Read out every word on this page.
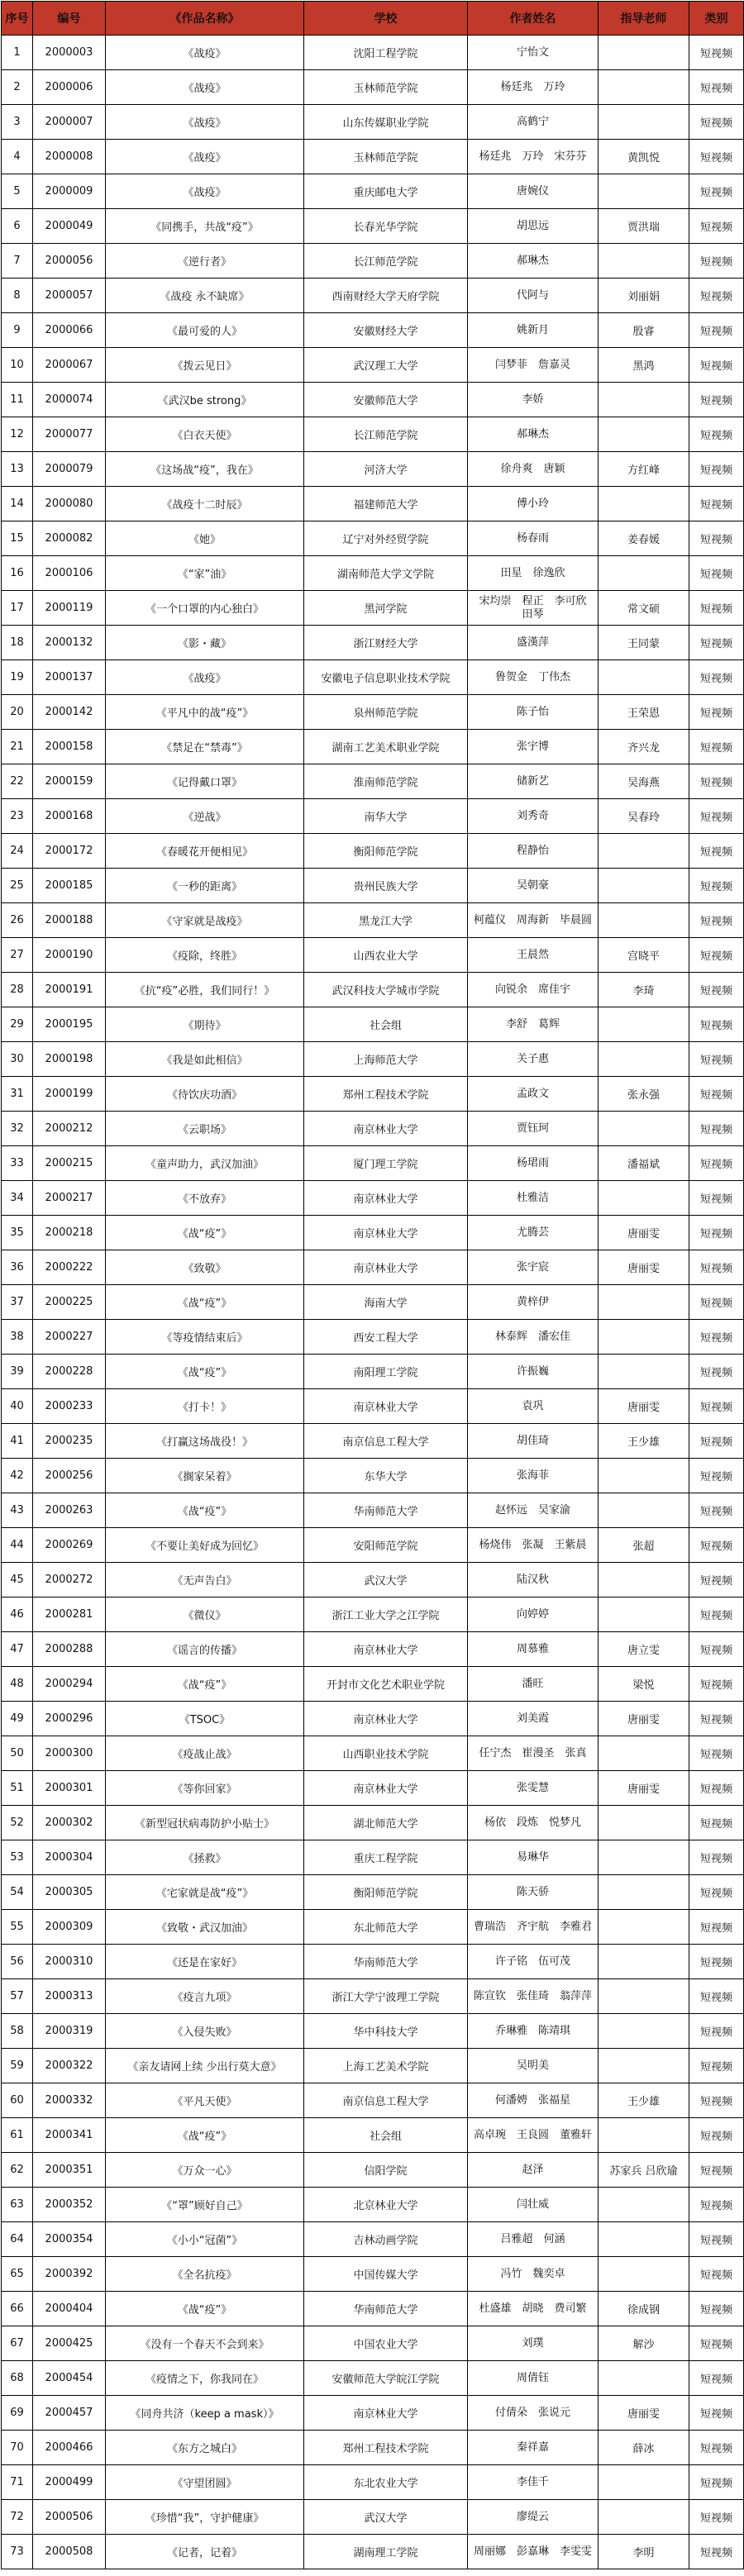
序号	编号	《作品名称》	学校	作者姓名	指导老师	类别
1	2000003	《战疫》	沈阳工程学院	宁怡文		短视频
2	2000006	《战疫》	玉林师范学院	杨廷兆　万玲		短视频
3	2000007	《战疫》	山东传媒职业学院	高鹤宁		短视频
4	2000008	《战疫》	玉林师范学院	杨廷兆　万玲　宋芬芬	黄凯悦	短视频
5	2000009	《战疫》	重庆邮电大学	唐婉仪		短视频
6	2000049	《同携手，共战“疫”》	长春光华学院	胡思远	贾洪瑞	短视频
7	2000056	《逆行者》	长江师范学院	郝琳杰		短视频
8	2000057	《战疫 永不缺席》	西南财经大学天府学院	代阿与	刘丽娟	短视频
9	2000066	《最可爱的人》	安徽财经大学	姚新月	殷睿	短视频
10	2000067	《拨云见日》	武汉理工大学	闫梦菲　詹嘉灵	黑鸿	短视频
11	2000074	《武汉be strong》	安徽师范大学	李娇		短视频
12	2000077	《白衣天使》	长江师范学院	郝琳杰		短视频
13	2000079	《这场战“疫”，我在》	河济大学	徐舟爽　唐颖	方红峰	短视频
14	2000080	《战疫十二时辰》	福建师范大学	傅小玲		短视频
15	2000082	《她》	辽宁对外经贸学院	杨春雨	姜春媛	短视频
16	2000106	《“家”油》	湖南师范大学文学院	田星　徐逸欣		短视频
17	2000119	《一个口罩的内心独白》	黑河学院	宋均崇　程正　李可欣　田琴	常文硕	短视频
18	2000132	《影・藏》	浙江财经大学	盛漢萍	王同蒙	短视频
19	2000137	《战疫》	安徽电子信息职业技术学院	鲁贺金　丁伟杰		短视频
20	2000142	《平凡中的战“疫”》	泉州师范学院	陈子怡	王荣恩	短视频
21	2000158	《禁足在“禁毒”》	湖南工艺美术职业学院	张宇博	齐兴龙	短视频
22	2000159	《记得戴口罩》	淮南师范学院	储新艺	吴海燕	短视频
23	2000168	《逆战》	南华大学	刘秀奇	吴春玲	短视频
24	2000172	《春暖花开便相见》	衡阳师范学院	程静怡		短视频
25	2000185	《一秒的距离》	贵州民族大学	吴朝豪		短视频
26	2000188	《守家就是战疫》	黑龙江大学	柯蕴仪　周海新　毕晨圆		短视频
27	2000190	《疫除，终胜》	山西农业大学	王晨然	宫晓平	短视频
28	2000191	《抗“疫”必胜，我们同行！》	武汉科技大学城市学院	向锐余　席佳宇	李琦	短视频
29	2000195	《期待》	社会组	李舒　葛辉		短视频
30	2000198	《我是如此相信》	上海师范大学	关子惠		短视频
31	2000199	《待饮庆功酒》	郑州工程技术学院	孟政文	张永强	短视频
32	2000212	《云职场》	南京林业大学	贾钰珂		短视频
33	2000215	《童声助力，武汉加油》	厦门理工学院	杨珺雨	潘福斌	短视频
34	2000217	《不放弃》	南京林业大学	杜雅洁		短视频
35	2000218	《战“疫”》	南京林业大学	尤腾芸	唐丽雯	短视频
36	2000222	《致敬》	南京林业大学	张宇宸	唐丽雯	短视频
37	2000225	《战“疫”》	海南大学	黄梓伊		短视频
38	2000227	《等疫情结束后》	西安工程大学	林泰辉　潘宏佳		短视频
39	2000228	《战“疫”》	南阳理工学院	许振巍		短视频
40	2000233	《打卡！》	南京林业大学	袁巩	唐丽雯	短视频
41	2000235	《打赢这场战役！》	南京信息工程大学	胡佳琦	王少雄	短视频
42	2000256	《搁家呆着》	东华大学	张海菲		短视频
43	2000263	《战“疫”》	华南师范大学	赵怀远　吴家渝		短视频
44	2000269	《不要让美好成为回忆》	安阳师范学院	杨烧伟　张凝　王紫晨	张超	短视频
45	2000272	《无声告白》	武汉大学	陆汉秋		短视频
46	2000281	《微仪》	浙江工业大学之江学院	向婷婷		短视频
47	2000288	《谣言的传播》	南京林业大学	周慕雅	唐立雯	短视频
48	2000294	《战“疫”》	开封市文化艺术职业学院	潘旺	梁悦	短视频
49	2000296	《TSOC》	南京林业大学	刘美霞	唐丽雯	短视频
50	2000300	《疫战止战》	山西职业技术学院	任宁杰　崔漫圣　张真		短视频
51	2000301	《等你回家》	南京林业大学	张雯慧	唐丽雯	短视频
52	2000302	《新型冠状病毒防护小贴士》	湖北师范大学	杨依　段炼　悦梦凡		短视频
53	2000304	《拯救》	重庆工程学院	易琳华		短视频
54	2000305	《宅家就是战“疫”》	衡阳师范学院	陈天骄		短视频
55	2000309	《致敬・武汉加油》	东北师范大学	曹瑞浩　齐宇航　李雅君		短视频
56	2000310	《还是在家好》	华南师范大学	许子铭　伍可茂		短视频
57	2000313	《疫言九项》	浙江大学宁波理工学院	陈宣钦　张佳琦　翁萍萍		短视频
58	2000319	《入侵失败》	华中科技大学	乔琳雅　陈靖琪		短视频
59	2000322	《亲友请网上续 少出行莫大意》	上海工艺美术学院	吴明美		短视频
60	2000332	《平凡天使》	南京信息工程大学	何潘娉　张福星	王少雄	短视频
61	2000341	《战“疫”》	社会组	高卓琬　王良圆　董雅轩		短视频
62	2000351	《万众一心》	信阳学院	赵泽	苏家兵 吕欣瑜	短视频
63	2000352	《“罩”顾好自己》	北京林业大学	闫壮威		短视频
64	2000354	《小小“冠菌”》	吉林动画学院	吕雅超　何涵		短视频
65	2000392	《全名抗疫》	中国传媒大学	冯竹　魏奕卓		短视频
66	2000404	《战“疫”》	华南师范大学	杜盛雄　胡晓　费司繁	徐成钢	短视频
67	2000425	《没有一个春天不会到来》	中国农业大学	刘璞	解沙	短视频
68	2000454	《疫情之下，你我同在》	安徽师范大学皖江学院	周倩钰		短视频
69	2000457	《同舟共济（keep a mask）》	南京林业大学	付倩朵　张说元	唐丽雯	短视频
70	2000466	《东方之城白》	郑州工程技术学院	秦祥嘉	薛冰	短视频
71	2000499	《守望团圆》	东北农业大学	李佳千		短视频
72	2000506	《珍惜“我”，守护健康》	武汉大学	廖缇云		短视频
73	2000508	《记者，记着》	湖南理工学院	周丽娜　彭嘉琳　李雯雯	李明	短视频
